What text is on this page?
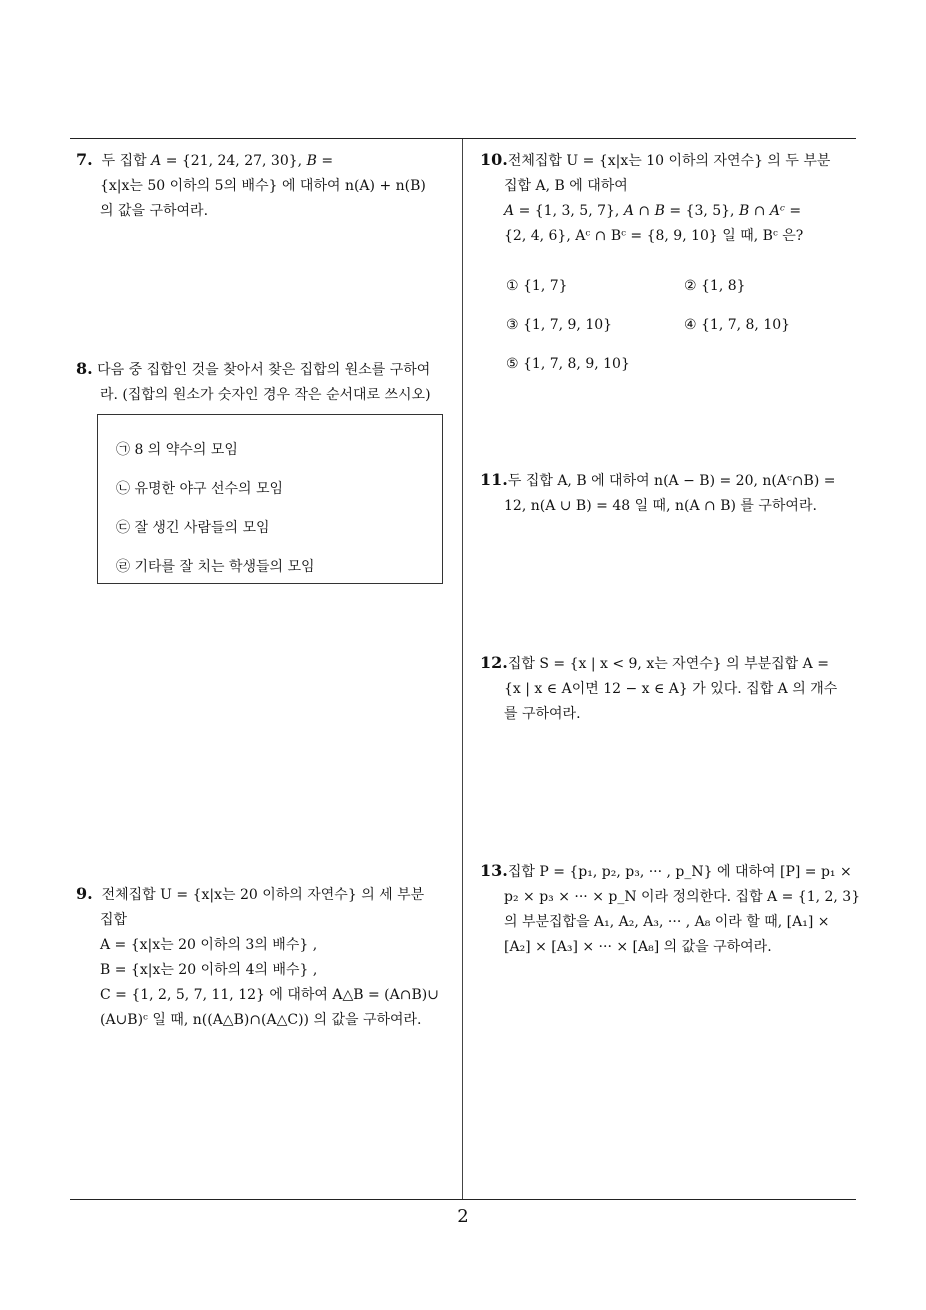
7. 두 집합 A = {21, 24, 27, 30}, B =
{x|x는 50 이하의 5의 배수} 에 대하여 n(A) + n(B)
의 값을 구하여라.
8. 다음 중 집합인 것을 찾아서 찾은 집합의 원소를 구하여
라. (집합의 원소가 숫자인 경우 작은 순서대로 쓰시오)
㉠ 8 의 약수의 모임
㉡ 유명한 야구 선수의 모임
㉢ 잘 생긴 사람들의 모임
㉣ 기타를 잘 치는 학생들의 모임
9. 전체집합 U = {x|x는 20 이하의 자연수} 의 세 부분
집합
A = {x|x는 20 이하의 3의 배수} ,
B = {x|x는 20 이하의 4의 배수} ,
C = {1, 2, 5, 7, 11, 12} 에 대하여 A△B = (A∩B)∪
(A∪B)ᶜ 일 때, n((A△B)∩(A△C)) 의 값을 구하여라.
10.전체집합 U = {x|x는 10 이하의 자연수} 의 두 부분
집합 A, B 에 대하여
A = {1, 3, 5, 7}, A ∩ B = {3, 5}, B ∩ Aᶜ =
{2, 4, 6}, Aᶜ ∩ Bᶜ = {8, 9, 10} 일 때, Bᶜ 은?
① {1, 7}	② {1, 8}
③ {1, 7, 9, 10}	④ {1, 7, 8, 10}
⑤ {1, 7, 8, 9, 10}
11.두 집합 A, B 에 대하여 n(A − B) = 20, n(Aᶜ∩B) =
12, n(A ∪ B) = 48 일 때, n(A ∩ B) 를 구하여라.
12.집합 S = {x | x < 9, x는 자연수} 의 부분집합 A =
{x | x ∈ A이면 12 − x ∈ A} 가 있다. 집합 A 의 개수
를 구하여라.
13.집합 P = {p₁, p₂, p₃, ··· , p_N} 에 대하여 [P] = p₁ ×
p₂ × p₃ × ··· × p_N 이라 정의한다. 집합 A = {1, 2, 3}
의 부분집합을 A₁, A₂, A₃, ··· , A₈ 이라 할 때, [A₁] ×
[A₂] × [A₃] × ··· × [A₈] 의 값을 구하여라.
2
